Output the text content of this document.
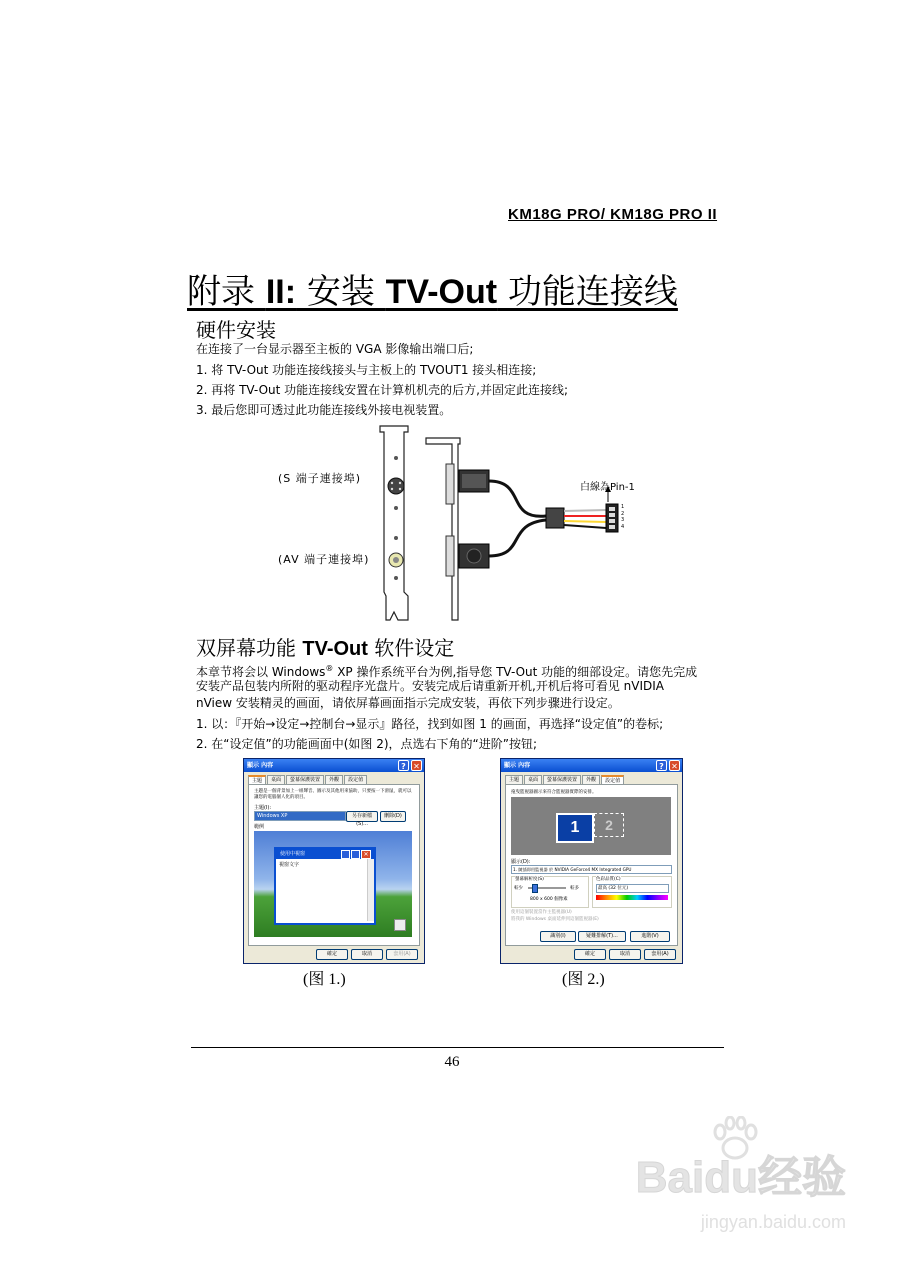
KM18G PRO/ KM18G PRO II
附录 II: 安装 TV-Out 功能连接线
硬件安装
在连接了一台显示器至主板的 VGA 影像输出端口后;
1. 将 TV-Out 功能连接线接头与主板上的 TVOUT1 接头相连接;
2. 再将 TV-Out 功能连接线安置在计算机机壳的后方,并固定此连接线;
3. 最后您即可透过此功能连接线外接电视装置。
(S 端子連接埠)
(AV 端子連接埠)
白線為Pin-1
1
2
3
4
双屏幕功能 TV-Out 软件设定
本章节将会以 Windows® XP 操作系统平台为例,指导您 TV-Out 功能的细部设定。请您先完成
安装产品包装内所附的驱动程序光盘片。安装完成后请重新开机,开机后将可看见 nVIDIA
nView 安装精灵的画面，请依屏幕画面指示完成安装，再依下列步骤进行设定。
1. 以：『开始→设定→控制台→显示』路径，找到如图 1 的画面，再选择“设定值”的卷标;
2. 在“设定值”的功能画面中(如图 2)，点选右下角的“进阶”按钮;
顯示 內容	? ✕
主題	桌面	螢幕保護裝置	外觀	設定值
主題是一個背景加上一組聲音、圖示及其他用來協助，只要按一下滑鼠，就可以讓您的電腦個人化的項目。
主題(I):
Windows XP	另存新檔(S)...
刪除(D)
範例
使用中視窗	✕
視窗文字
確定	取消	套用(A)
(图 1.)
顯示 內容	? ✕
主題	桌面	螢幕保護裝置	外觀	設定值
拖曳監視器圖示來符合監視器實際的安排。
1	2
顯示(D):
1. 隨插即用監視器 於 NVIDIA GeForce4 MX Integrated GPU
螢幕解析度(S)
較少	較多
800 x 600 個像素
色彩品質(C)
最高 (32 位元)
使用這個裝置當作主監視器(U)
將我的 Windows 桌面延伸到這個監視器(E)
識別(I)	疑難排解(T)...	進階(V)
確定	取消	套用(A)
(图 2.)
46
Baidu经验
jingyan.baidu.com
